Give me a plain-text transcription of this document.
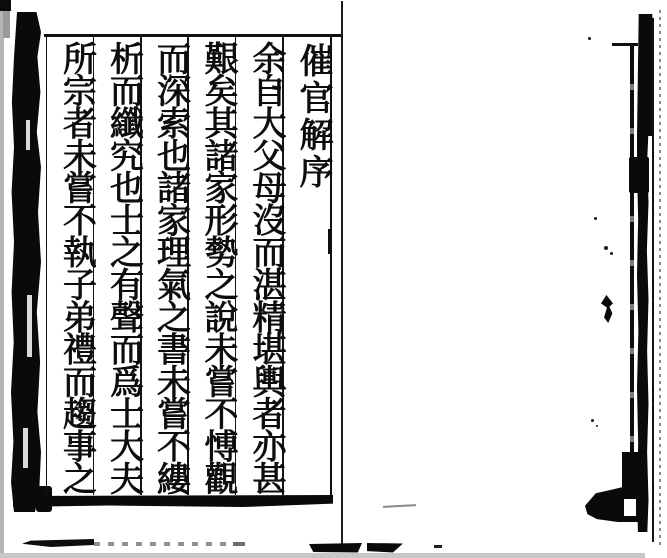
催官解序
余自大父母沒而湛精堪輿者亦甚
艱矣其諸家形勢之說未嘗不愽觀
而深索也諸家理氣之書未嘗不縷
析而纖究也士之有聲而爲士大夫
所宗者未嘗不執子弟禮而趨事之
